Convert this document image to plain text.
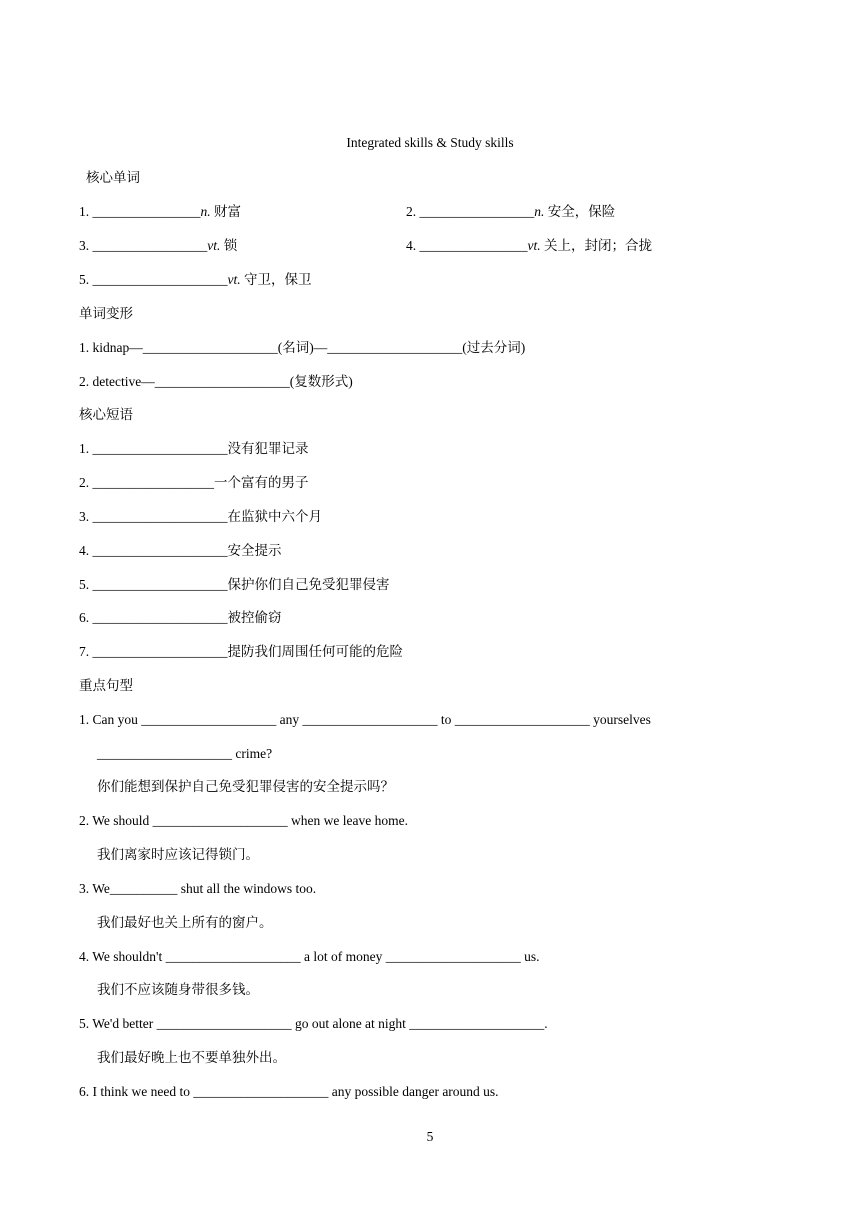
Integrated skills & Study skills
核心单词
1. ________________n. 财富	2. _________________n. 安全，保险
3. _________________vt. 锁	4. ________________vt. 关上，封闭；合拢
5. ____________________vt. 守卫，保卫
单词变形
1. kidnap—____________________(名词)—____________________(过去分词)
2. detective—____________________(复数形式)
核心短语
1. ____________________没有犯罪记录
2. __________________一个富有的男子
3. ____________________在监狱中六个月
4. ____________________安全提示
5. ____________________保护你们自己免受犯罪侵害
6. ____________________被控偷窃
7. ____________________提防我们周围任何可能的危险
重点句型
1. Can you ____________________ any ____________________ to ____________________ yourselves
____________________ crime?
你们能想到保护自己免受犯罪侵害的安全提示吗？
2. We should ____________________ when we leave home.
我们离家时应该记得锁门。
3. We__________ shut all the windows too.
我们最好也关上所有的窗户。
4. We shouldn't ____________________ a lot of money ____________________ us.
我们不应该随身带很多钱。
5. We'd better ____________________ go out alone at night ____________________.
我们最好晚上也不要单独外出。
6. I think we need to ____________________ any possible danger around us.
5
